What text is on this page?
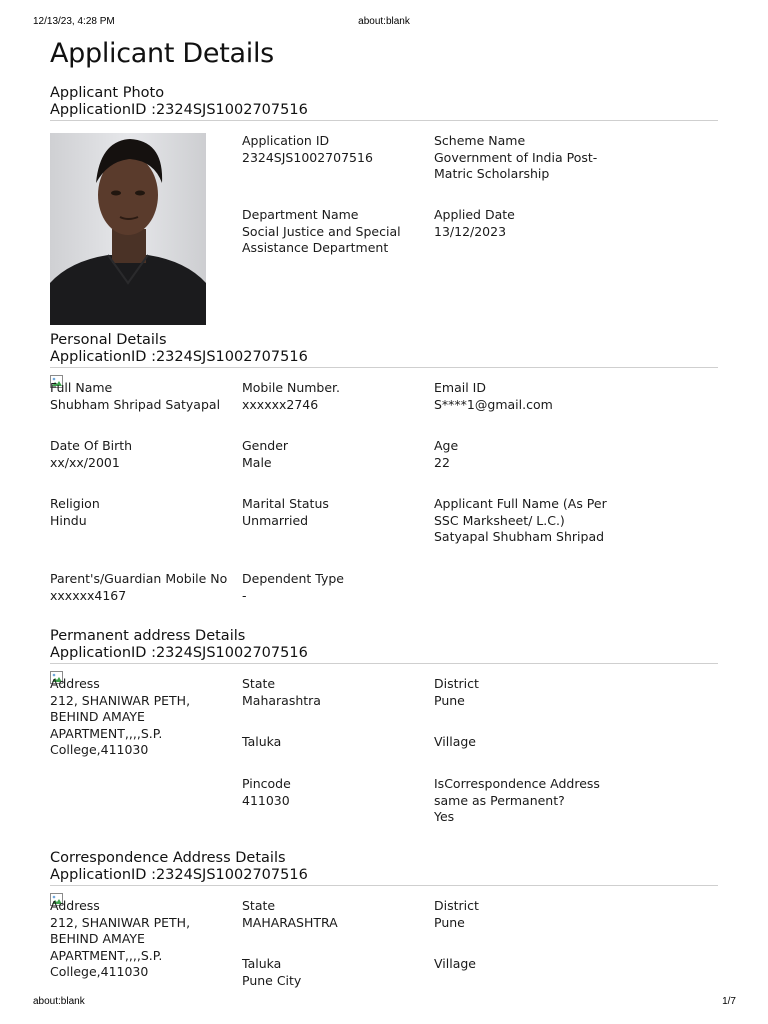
12/13/23, 4:28 PM	about:blank
Applicant Details
Applicant Photo
ApplicationID :2324SJS1002707516
Application ID
2324SJS1002707516
Scheme Name
Government of India Post-Matric Scholarship
Department Name
Social Justice and Special Assistance Department
Applied Date
13/12/2023
Personal Details
ApplicationID :2324SJS1002707516
Full Name
Shubham Shripad Satyapal
Mobile Number.
xxxxxx2746
Email ID
S****1@gmail.com
Date Of Birth
xx/xx/2001
Gender
Male
Age
22
Religion
Hindu
Marital Status
Unmarried
Applicant Full Name (As Per SSC Marksheet/ L.C.)
Satyapal Shubham Shripad
Parent's/Guardian Mobile No
xxxxxx4167
Dependent Type
-
Permanent address Details
ApplicationID :2324SJS1002707516
Address
212, SHANIWAR PETH, BEHIND AMAYE APARTMENT,,,,S.P. College,411030
State
Maharashtra
District
Pune
Taluka	Village
Pincode
411030
IsCorrespondence Address same as Permanent?
Yes
Correspondence Address Details
ApplicationID :2324SJS1002707516
Address
212, SHANIWAR PETH, BEHIND AMAYE APARTMENT,,,,S.P. College,411030
State
MAHARASHTRA
District
Pune
Taluka
Pune City
Village
about:blank	1/7
